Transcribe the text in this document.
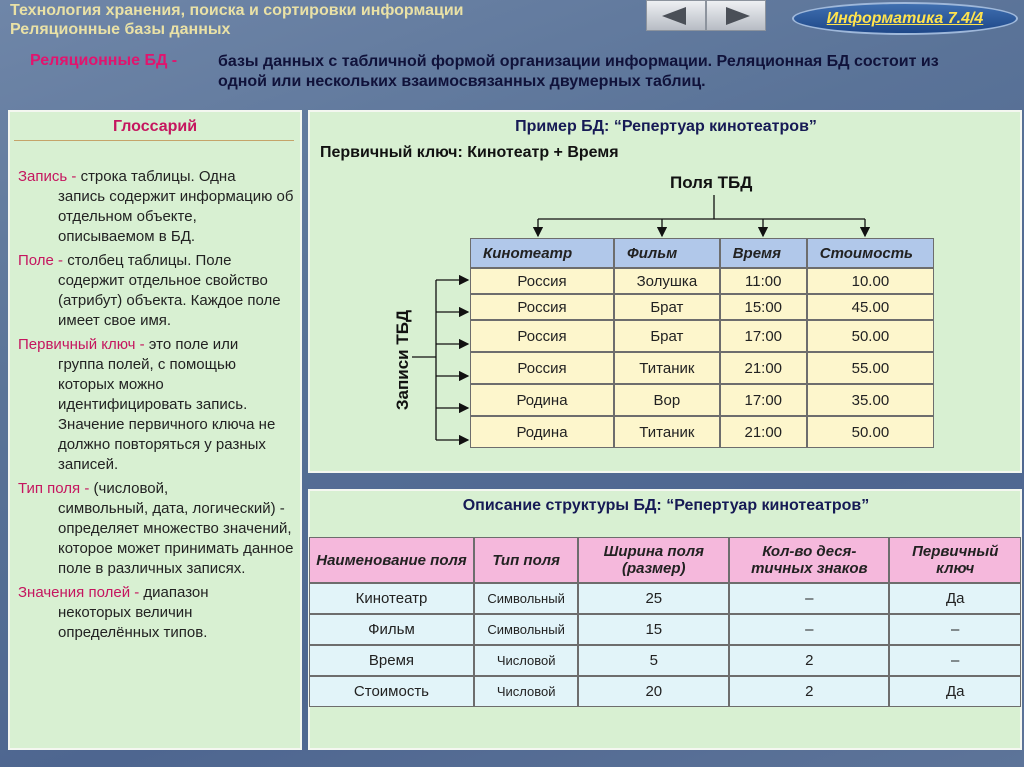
Технология хранения, поиска и сортировки информации
Реляционные базы данных
Информатика 7.4/4
Реляционные БД -	базы данных с табличной формой организации информации. Реляционная БД состоит из одной или нескольких взаимосвязанных двумерных таблиц.
Глоссарий
Запись - строка таблицы. Одна
запись содержит информацию об отдельном объекте, описываемом в БД.
Поле - столбец таблицы. Поле
содержит отдельное свойство (атрибут) объекта. Каждое поле имеет свое имя.
Первичный ключ - это поле или
группа полей, с помощью которых можно идентифицировать запись. Значение первичного ключа не должно повторяться у разных записей.
Тип поля - (числовой,
символьный, дата, логический) - определяет множество значений, которое может принимать данное поле в различных записях.
Значения полей - диапазон
некоторых величин определённых типов.
Пример БД: “Репертуар кинотеатров”
Первичный ключ: Кинотеатр + Время
Поля ТБД
Записи ТБД
Кинотеатр	Фильм	Время	Стоимость
Россия	Золушка	11:00	10.00
Россия	Брат	15:00	45.00
Россия	Брат	17:00	50.00
Россия	Титаник	21:00	55.00
Родина	Вор	17:00	35.00
Родина	Титаник	21:00	50.00
Описание структуры БД: “Репертуар кинотеатров”
Наименование поля	Тип поля	Ширина поля (размер)	Кол-во деся-тичных знаков	Первичный ключ
Кинотеатр	Символьный	25	–	Да
Фильм	Символьный	15	–	–
Время	Числовой	5	2	–
Стоимость	Числовой	20	2	Да
